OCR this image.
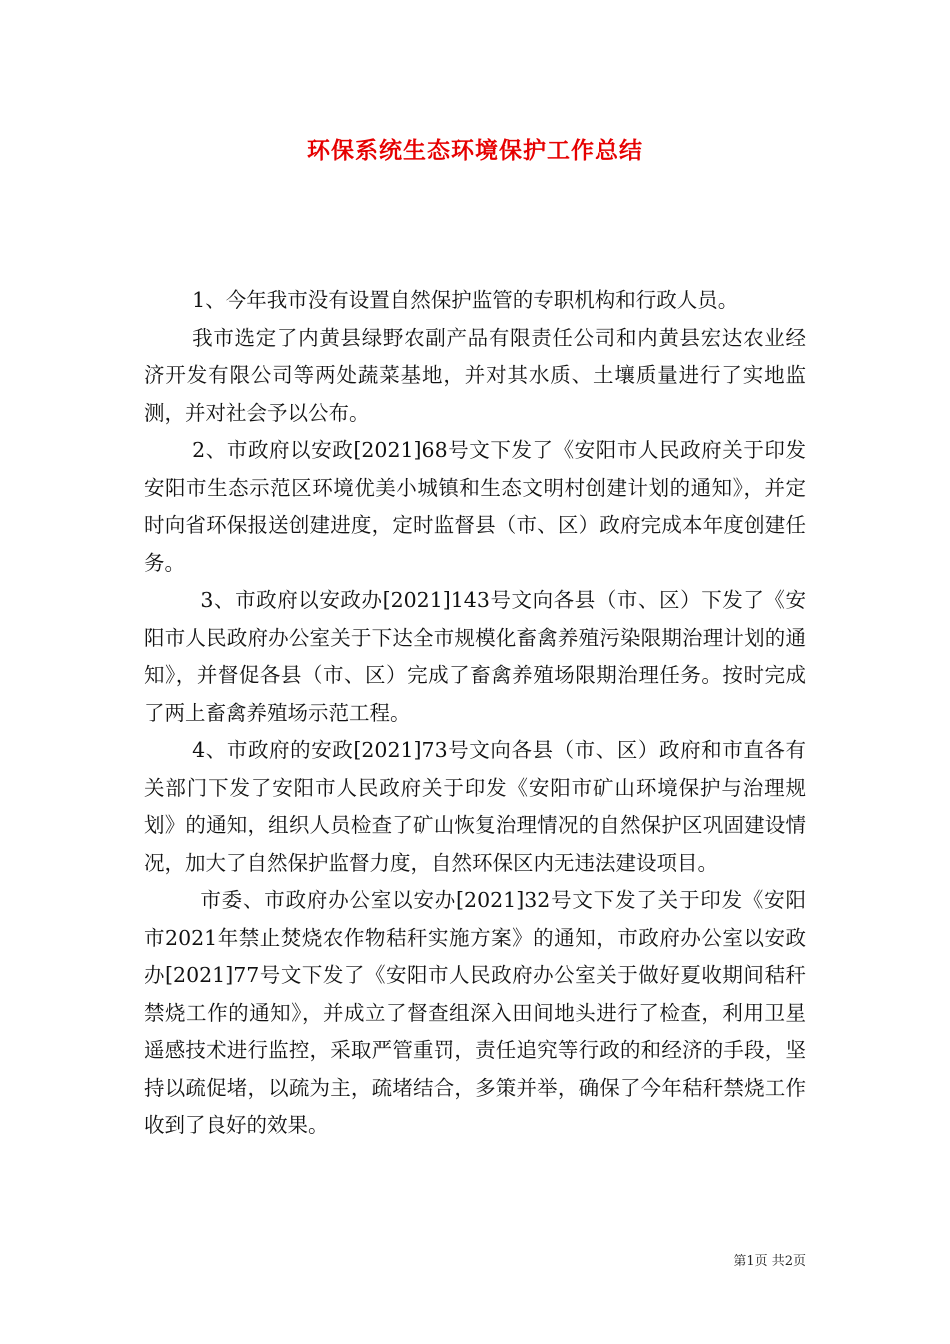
环保系统生态环境保护工作总结

1、今年我市没有设置自然保护监管的专职机构和行政人员。

我市选定了内黄县绿野农副产品有限责任公司和内黄县宏达农业经济开发有限公司等两处蔬菜基地，并对其水质、土壤质量进行了实地监测，并对社会予以公布。

2、市政府以安政[2021]68号文下发了《安阳市人民政府关于印发安阳市生态示范区环境优美小城镇和生态文明村创建计划的通知》，并定时向省环保报送创建进度，定时监督县（市、区）政府完成本年度创建任务。

3、市政府以安政办[2021]143号文向各县（市、区）下发了《安阳市人民政府办公室关于下达全市规模化畜禽养殖污染限期治理计划的通知》，并督促各县（市、区）完成了畜禽养殖场限期治理任务。按时完成了两上畜禽养殖场示范工程。

4、市政府的安政[2021]73号文向各县（市、区）政府和市直各有关部门下发了安阳市人民政府关于印发《安阳市矿山环境保护与治理规划》的通知，组织人员检查了矿山恢复治理情况的自然保护区巩固建设情况，加大了自然保护监督力度，自然环保区内无违法建设项目。

市委、市政府办公室以安办[2021]32号文下发了关于印发《安阳市2021年禁止焚烧农作物秸秆实施方案》的通知，市政府办公室以安政办[2021]77号文下发了《安阳市人民政府办公室关于做好夏收期间秸秆禁烧工作的通知》，并成立了督查组深入田间地头进行了检查，利用卫星遥感技术进行监控，采取严管重罚，责任追究等行政的和经济的手段，坚持以疏促堵，以疏为主，疏堵结合，多策并举，确保了今年秸秆禁烧工作收到了良好的效果。

第1页 共2页
